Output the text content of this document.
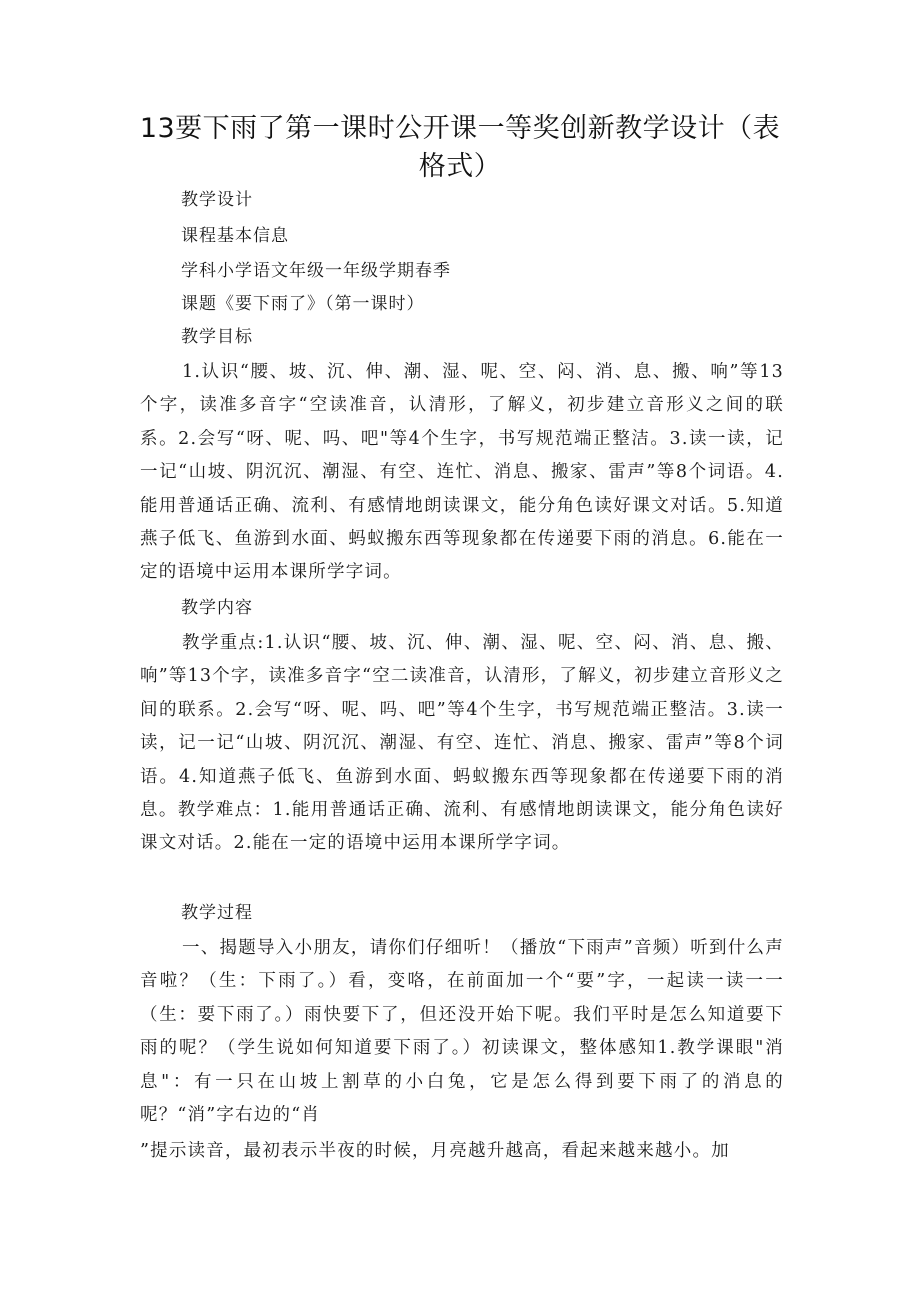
13要下雨了第一课时公开课一等奖创新教学设计（表格式）
教学设计
课程基本信息
学科小学语文年级一年级学期春季
课题《要下雨了》（第一课时）
教学目标

1.认识“腰、坡、沉、伸、潮、湿、呢、空、闷、消、息、搬、响”等13个字，读准多音字“空读准音，认清形，了解义，初步建立音形义之间的联系。2.会写“呀、呢、吗、吧"等4个生字，书写规范端正整洁。3.读一读，记一记“山坡、阴沉沉、潮湿、有空、连忙、消息、搬家、雷声”等8个词语。4.能用普通话正确、流利、有感情地朗读课文，能分角色读好课文对话。5.知道燕子低飞、鱼游到水面、蚂蚁搬东西等现象都在传递要下雨的消息。6.能在一定的语境中运用本课所学字词。

教学内容

教学重点:1.认识“腰、坡、沉、伸、潮、湿、呢、空、闷、消、息、搬、响”等13个字，读准多音字“空二读准音，认清形，了解义，初步建立音形义之间的联系。2.会写“呀、呢、吗、吧”等4个生字，书写规范端正整洁。3.读一读，记一记“山坡、阴沉沉、潮湿、有空、连忙、消息、搬家、雷声”等8个词语。4.知道燕子低飞、鱼游到水面、蚂蚁搬东西等现象都在传递要下雨的消息。教学难点：1.能用普通话正确、流利、有感情地朗读课文，能分角色读好课文对话。2.能在一定的语境中运用本课所学字词。

教学过程

一、揭题导入小朋友，请你们仔细听！（播放“下雨声”音频）听到什么声音啦？（生：下雨了。）看，变咯，在前面加一个“要”字，一起读一读一一（生：要下雨了。）雨快要下了，但还没开始下呢。我们平时是怎么知道要下雨的呢？（学生说如何知道要下雨了。）初读课文，整体感知1.教学课眼"消息"：有一只在山坡上割草的小白兔，它是怎么得到要下雨了的消息的呢？“消”字右边的“肖

”提示读音，最初表示半夜的时候，月亮越升越高，看起来越来越小。加
